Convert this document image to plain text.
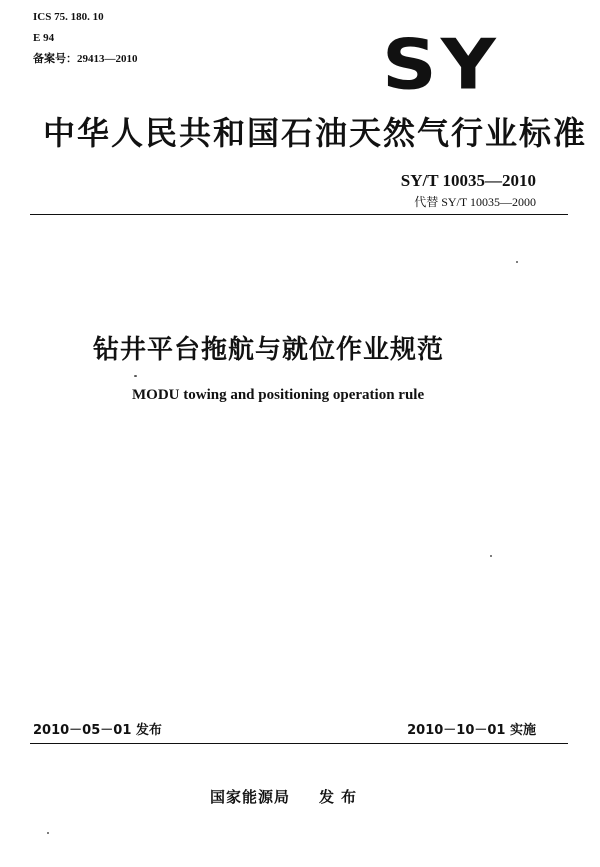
ICS 75. 180. 10
E 94
备案号：29413—2010	SY
中华人民共和国石油天然气行业标准
SY/T 10035—2010
代替 SY/T 10035—2000
钻井平台拖航与就位作业规范
MODU towing and positioning operation rule
2010－05－01 发布	2010－10－01 实施
国家能源局 发布
